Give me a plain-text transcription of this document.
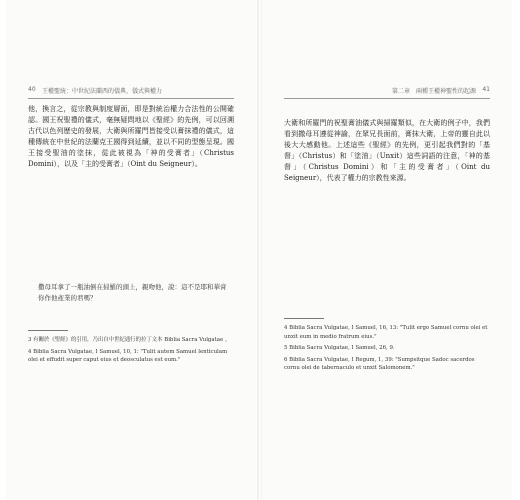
40 王權聖統：中世紀法蘭西的儀典、儀式與權力
他，換言之，從宗教與制度層面，即是對統治權力合法性的公開確認。國王祝聖禮的儀式，毫無疑問地以《聖經》的先例，可以回溯古代以色列歷史的發展，大衛與所羅門皆接受以膏抹禮的儀式，這種傳統在中世紀的法蘭克王國得到延續，並以不同的型態呈現。國王接受聖油的塗抹，從此被視為「神的受膏者」（Christus Domini），以及「主的受膏者」（Oint du Seigneur）。
撒母耳拿了一瓶油倒在掃羅的頭上，親吻他，說：這不是耶和華膏你作他產業的君嗎？
3 有關於《聖經》的引用，乃出自中世紀通行的拉丁文本 Biblia Sacra Vulgatae 。
4 Biblia Sacra Vulgatae, I Samuel, 10, 1: "Tulit autem Samuel lenticulam olei et effudit super caput eius et deosculatus est eum."
第二章　兩種王權神聖性的起源 41
大衛和所羅門的祝聖膏油儀式與掃羅類似，在大衛的例子中，我們看到撒母耳遵從神諭，在眾兄長面前，膏抹大衛，上帝的靈自此以後大大感動他。上述這些《聖經》的先例，更引起我們對的「基督」（Christus）和「塗油」（Unxit）這些詞語的注意，「神的基督」（Christus Domini）和「主的受膏者」（Oint du Seigneur），代表了權力的宗教性來源。
4 Biblia Sacra Vulgatae, I Samuel, 16, 13: "Tulit ergo Samuel cornu olei et unxit eum in medio fratrum eius."
5 Biblia Sacra Vulgatae, I Samuel, 26, 9.
6 Biblia Sacra Vulgatae, I Regum, 1, 39: "Sumpsitque Sadoc sacerdos cornu olei de tabernaculo et unxit Salomonem."
